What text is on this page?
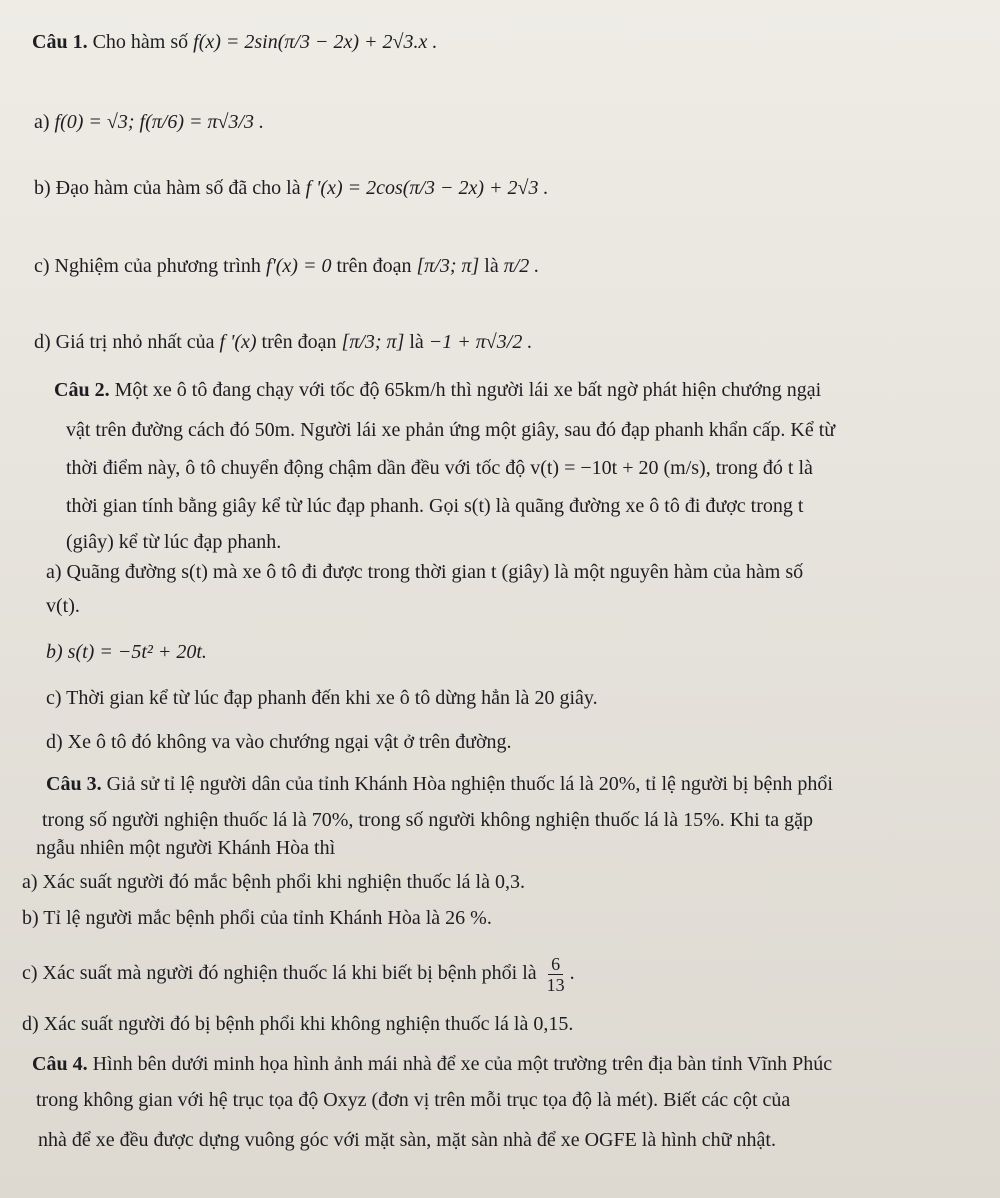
Câu 1. Cho hàm số f(x) = 2sin(π/3 − 2x) + 2√3.x .
a) f(0) = √3; f(π/6) = π√3/3 .
b) Đạo hàm của hàm số đã cho là f '(x) = 2cos(π/3 − 2x) + 2√3 .
c) Nghiệm của phương trình f'(x) = 0 trên đoạn [π/3; π] là π/2 .
d) Giá trị nhỏ nhất của f '(x) trên đoạn [π/3; π] là −1 + π√3/2 .
Câu 2. Một xe ô tô đang chạy với tốc độ 65km/h thì người lái xe bất ngờ phát hiện chướng ngại
vật trên đường cách đó 50m. Người lái xe phản ứng một giây, sau đó đạp phanh khẩn cấp. Kể từ
thời điểm này, ô tô chuyển động chậm dần đều với tốc độ v(t) = −10t + 20 (m/s), trong đó t là
thời gian tính bằng giây kể từ lúc đạp phanh. Gọi s(t) là quãng đường xe ô tô đi được trong t
(giây) kể từ lúc đạp phanh.
a) Quãng đường s(t) mà xe ô tô đi được trong thời gian t (giây) là một nguyên hàm của hàm số
v(t).
b) s(t) = −5t² + 20t.
c) Thời gian kể từ lúc đạp phanh đến khi xe ô tô dừng hẳn là 20 giây.
d) Xe ô tô đó không va vào chướng ngại vật ở trên đường.
Câu 3. Giả sử tỉ lệ người dân của tỉnh Khánh Hòa nghiện thuốc lá là 20%, tỉ lệ người bị bệnh phổi
trong số người nghiện thuốc lá là 70%, trong số người không nghiện thuốc lá là 15%. Khi ta gặp
ngẫu nhiên một người Khánh Hòa thì
a) Xác suất người đó mắc bệnh phổi khi nghiện thuốc lá là 0,3.
b) Tỉ lệ người mắc bệnh phổi của tỉnh Khánh Hòa là 26 %.
c) Xác suất mà người đó nghiện thuốc lá khi biết bị bệnh phổi là $\frac{6}{13}$ .
d) Xác suất người đó bị bệnh phổi khi không nghiện thuốc lá là 0,15.
Câu 4. Hình bên dưới minh họa hình ảnh mái nhà để xe của một trường trên địa bàn tỉnh Vĩnh Phúc
trong không gian với hệ trục tọa độ Oxyz (đơn vị trên mỗi trục tọa độ là mét). Biết các cột của
nhà để xe đều được dựng vuông góc với mặt sàn, mặt sàn nhà để xe OGFE là hình chữ nhật.
